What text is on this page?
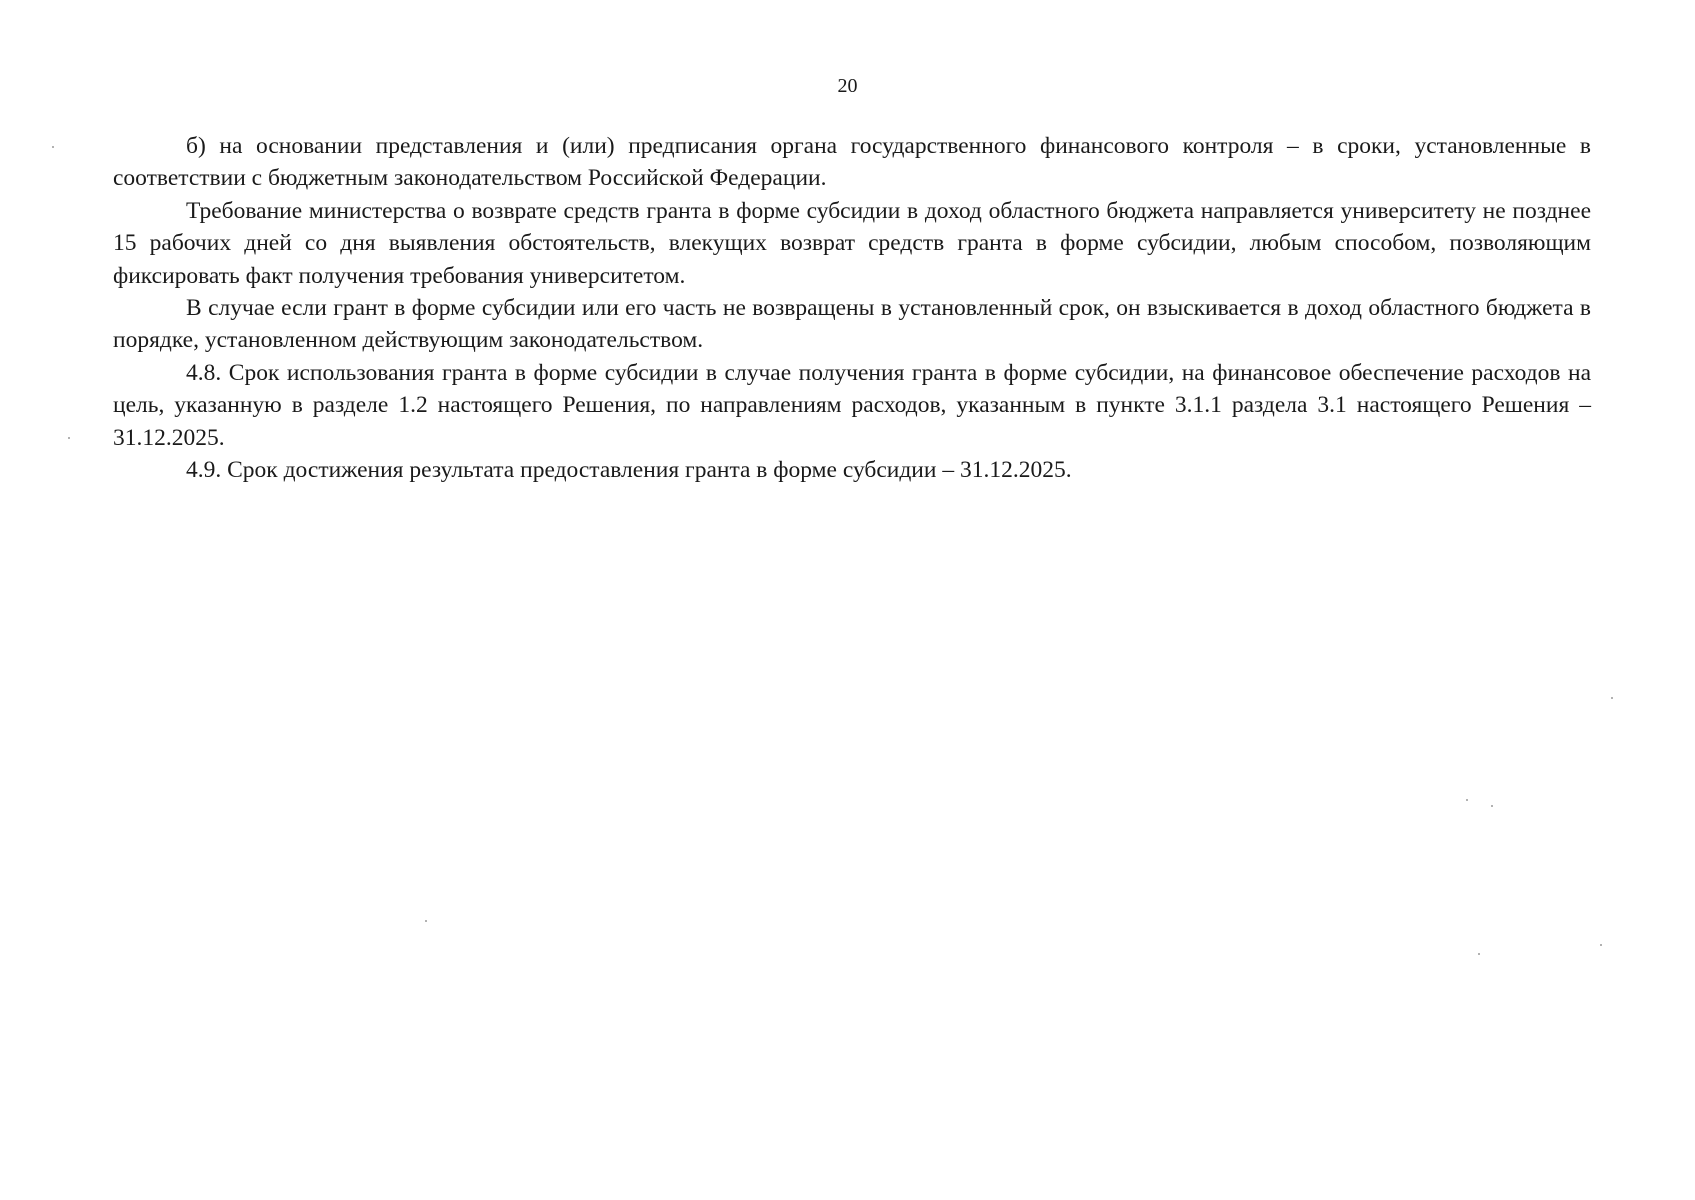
20

б) на основании представления и (или) предписания органа государственного финансового контроля – в сроки, установленные в соответствии с бюджетным законодательством Российской Федерации.

Требование министерства о возврате средств гранта в форме субсидии в доход областного бюджета направляется университету не позднее 15 рабочих дней со дня выявления обстоятельств, влекущих возврат средств гранта в форме субсидии, любым способом, позволяющим фиксировать факт получения требования университетом.

В случае если грант в форме субсидии или его часть не возвращены в установленный срок, он взыскивается в доход областного бюджета в порядке, установленном действующим законодательством.

4.8. Срок использования гранта в форме субсидии в случае получения гранта в форме субсидии, на финансовое обеспечение расходов на цель, указанную в разделе 1.2 настоящего Решения, по направлениям расходов, указанным в пункте 3.1.1 раздела 3.1 настоящего Решения – 31.12.2025.

4.9. Срок достижения результата предоставления гранта в форме субсидии – 31.12.2025.
